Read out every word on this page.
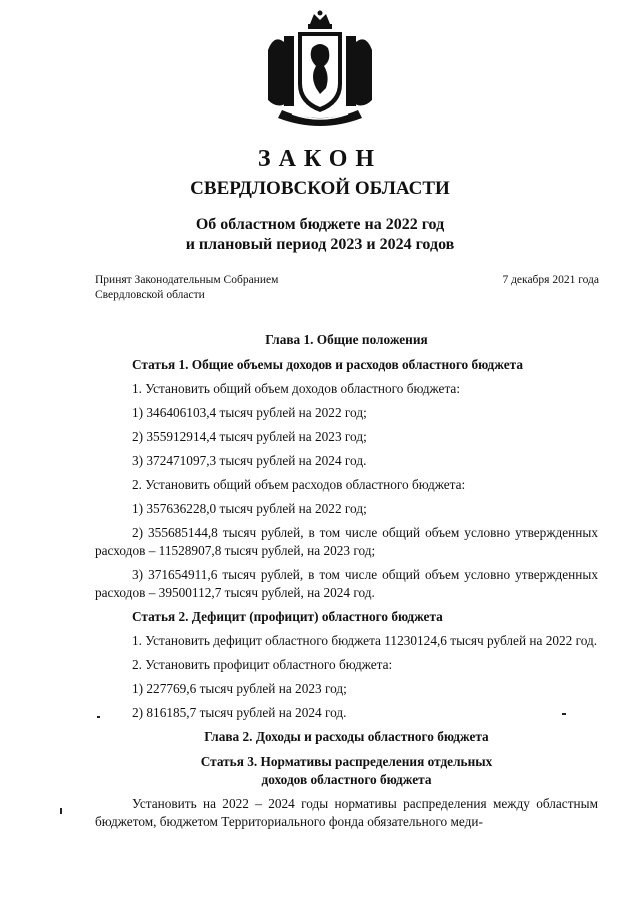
ЗАКОН
СВЕРДЛОВСКОЙ ОБЛАСТИ
Об областном бюджете на 2022 год
и плановый период 2023 и 2024 годов
Принят Законодательным Собранием
Свердловской области
7 декабря 2021 года
Глава 1. Общие положения
Статья 1. Общие объемы доходов и расходов областного бюджета
1. Установить общий объем доходов областного бюджета:
1) 346406103,4 тысяч рублей на 2022 год;
2) 355912914,4 тысяч рублей на 2023 год;
3) 372471097,3 тысяч рублей на 2024 год.
2. Установить общий объем расходов областного бюджета:
1) 357636228,0 тысяч рублей на 2022 год;
2) 355685144,8 тысяч рублей, в том числе общий объем условно утвержденных расходов – 11528907,8 тысяч рублей, на 2023 год;
3) 371654911,6 тысяч рублей, в том числе общий объем условно утвержденных расходов – 39500112,7 тысяч рублей, на 2024 год.
Статья 2. Дефицит (профицит) областного бюджета
1. Установить дефицит областного бюджета 11230124,6 тысяч рублей на 2022 год.
2. Установить профицит областного бюджета:
1) 227769,6 тысяч рублей на 2023 год;
2) 816185,7 тысяч рублей на 2024 год.
Глава 2. Доходы и расходы областного бюджета
Статья 3. Нормативы распределения отдельных
доходов областного бюджета
Установить на 2022 – 2024 годы нормативы распределения между областным бюджетом, бюджетом Территориального фонда обязательного меди-
